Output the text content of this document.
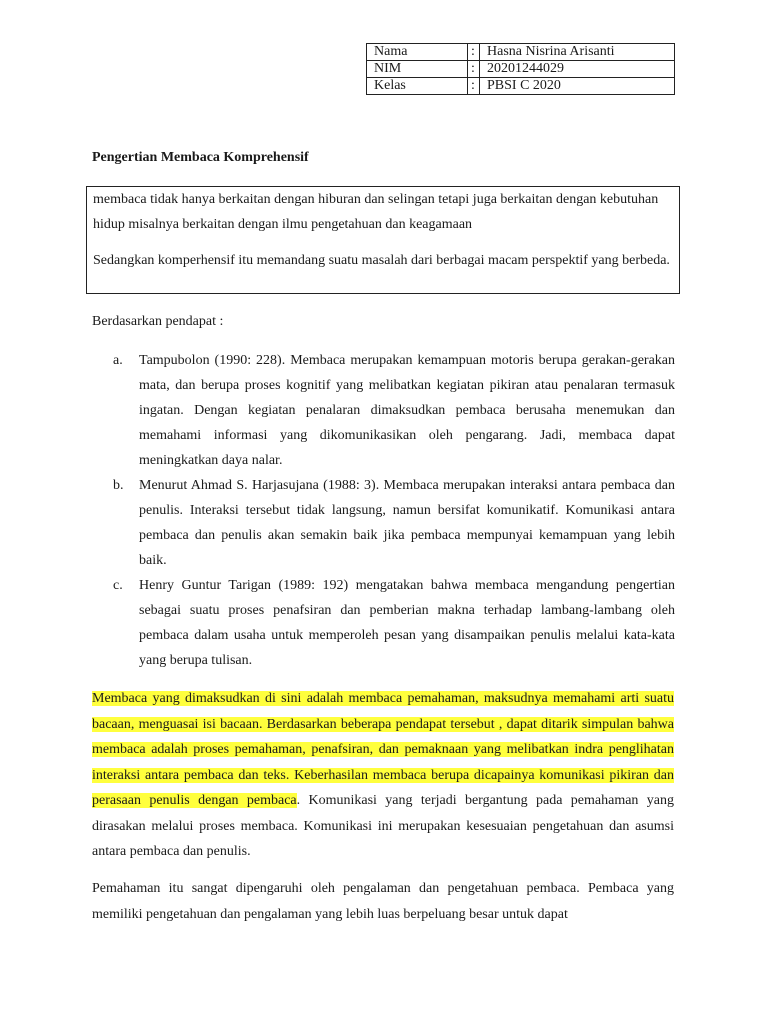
Nama	:	Hasna Nisrina Arisanti
NIM	:	20201244029
Kelas	:	PBSI C 2020
Pengertian Membaca Komprehensif

membaca tidak hanya berkaitan dengan hiburan dan selingan tetapi juga berkaitan dengan kebutuhan hidup misalnya berkaitan dengan ilmu pengetahuan dan keagamaan

Sedangkan komperhensif itu memandang suatu masalah dari berbagai macam perspektif yang berbeda.

Berdasarkan pendapat :
a. Tampubolon (1990: 228). Membaca merupakan kemampuan motoris berupa gerakan-gerakan mata, dan berupa proses kognitif yang melibatkan kegiatan pikiran atau penalaran termasuk ingatan. Dengan kegiatan penalaran dimaksudkan pembaca berusaha menemukan dan memahami informasi yang dikomunikasikan oleh pengarang. Jadi, membaca dapat meningkatkan daya nalar.
b. Menurut Ahmad S. Harjasujana (1988: 3). Membaca merupakan interaksi antara pembaca dan penulis. Interaksi tersebut tidak langsung, namun bersifat komunikatif. Komunikasi antara pembaca dan penulis akan semakin baik jika pembaca mempunyai kemampuan yang lebih baik.
c. Henry Guntur Tarigan (1989: 192) mengatakan bahwa membaca mengandung pengertian sebagai suatu proses penafsiran dan pemberian makna terhadap lambang-lambang oleh pembaca dalam usaha untuk memperoleh pesan yang disampaikan penulis melalui kata-kata yang berupa tulisan.
Membaca yang dimaksudkan di sini adalah membaca pemahaman, maksudnya memahami arti suatu bacaan, menguasai isi bacaan. Berdasarkan beberapa pendapat tersebut , dapat ditarik simpulan bahwa membaca adalah proses pemahaman, penafsiran, dan pemaknaan yang melibatkan indra penglihatan interaksi antara pembaca dan teks. Keberhasilan membaca berupa dicapainya komunikasi pikiran dan perasaan penulis dengan pembaca. Komunikasi yang terjadi bergantung pada pemahaman yang dirasakan melalui proses membaca. Komunikasi ini merupakan kesesuaian pengetahuan dan asumsi antara pembaca dan penulis.
Pemahaman itu sangat dipengaruhi oleh pengalaman dan pengetahuan pembaca. Pembaca yang memiliki pengetahuan dan pengalaman yang lebih luas berpeluang besar untuk dapat
